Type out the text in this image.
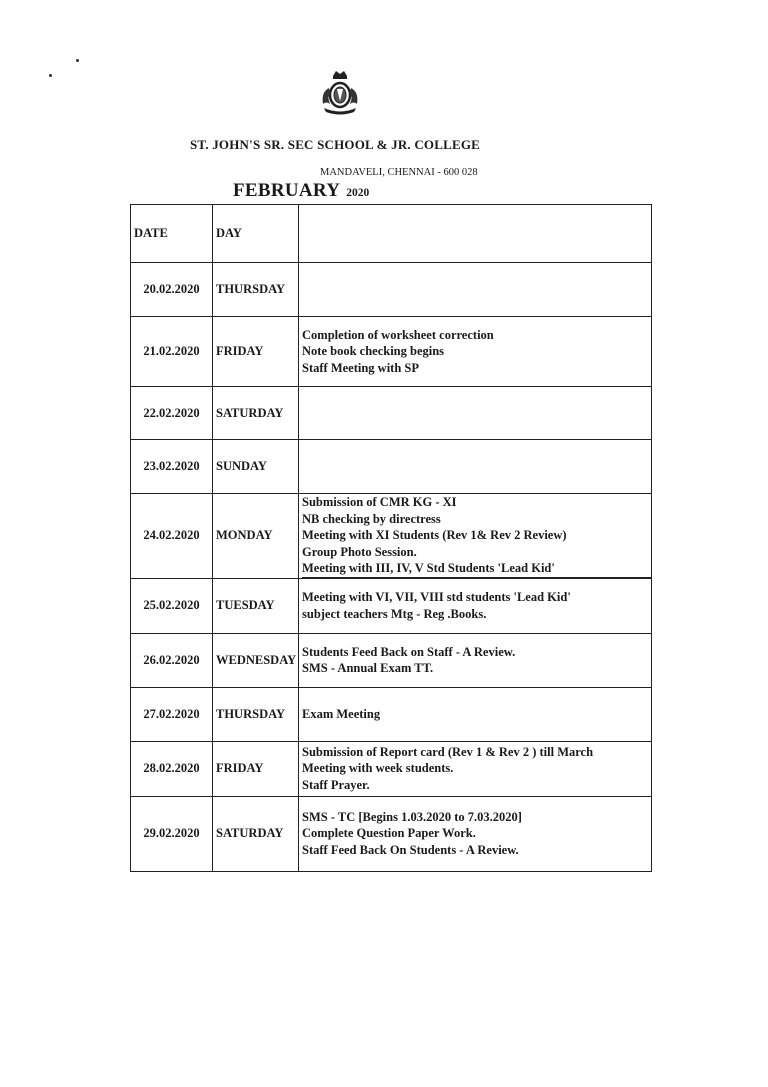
ST. JOHN'S SR. SEC SCHOOL & JR. COLLEGE
MANDAVELI, CHENNAI - 600 028
FEBRUARY 2020
DATE	DAY	
20.02.2020	THURSDAY	
21.02.2020	FRIDAY	Completion of worksheet correction
Note book checking begins
Staff Meeting with SP

22.02.2020	SATURDAY	
23.02.2020	SUNDAY	
24.02.2020	MONDAY	Submission of CMR KG - XI
NB checking by directress
Meeting with XI Students (Rev 1& Rev 2 Review)
Group Photo Session.
Meeting with III, IV, V Std Students 'Lead Kid'

25.02.2020	TUESDAY	Meeting with VI, VII, VIII std students 'Lead Kid'
subject teachers Mtg - Reg .Books.

26.02.2020	WEDNESDAY	Students Feed Back on Staff - A Review.
SMS - Annual Exam TT.

27.02.2020	THURSDAY	Exam Meeting

28.02.2020	FRIDAY	Submission of Report card (Rev 1 & Rev 2 ) till March
Meeting with week students.
Staff Prayer.

29.02.2020	SATURDAY	SMS - TC [Begins 1.03.2020 to 7.03.2020]
Complete Question Paper Work.
Staff Feed Back On Students - A Review.
